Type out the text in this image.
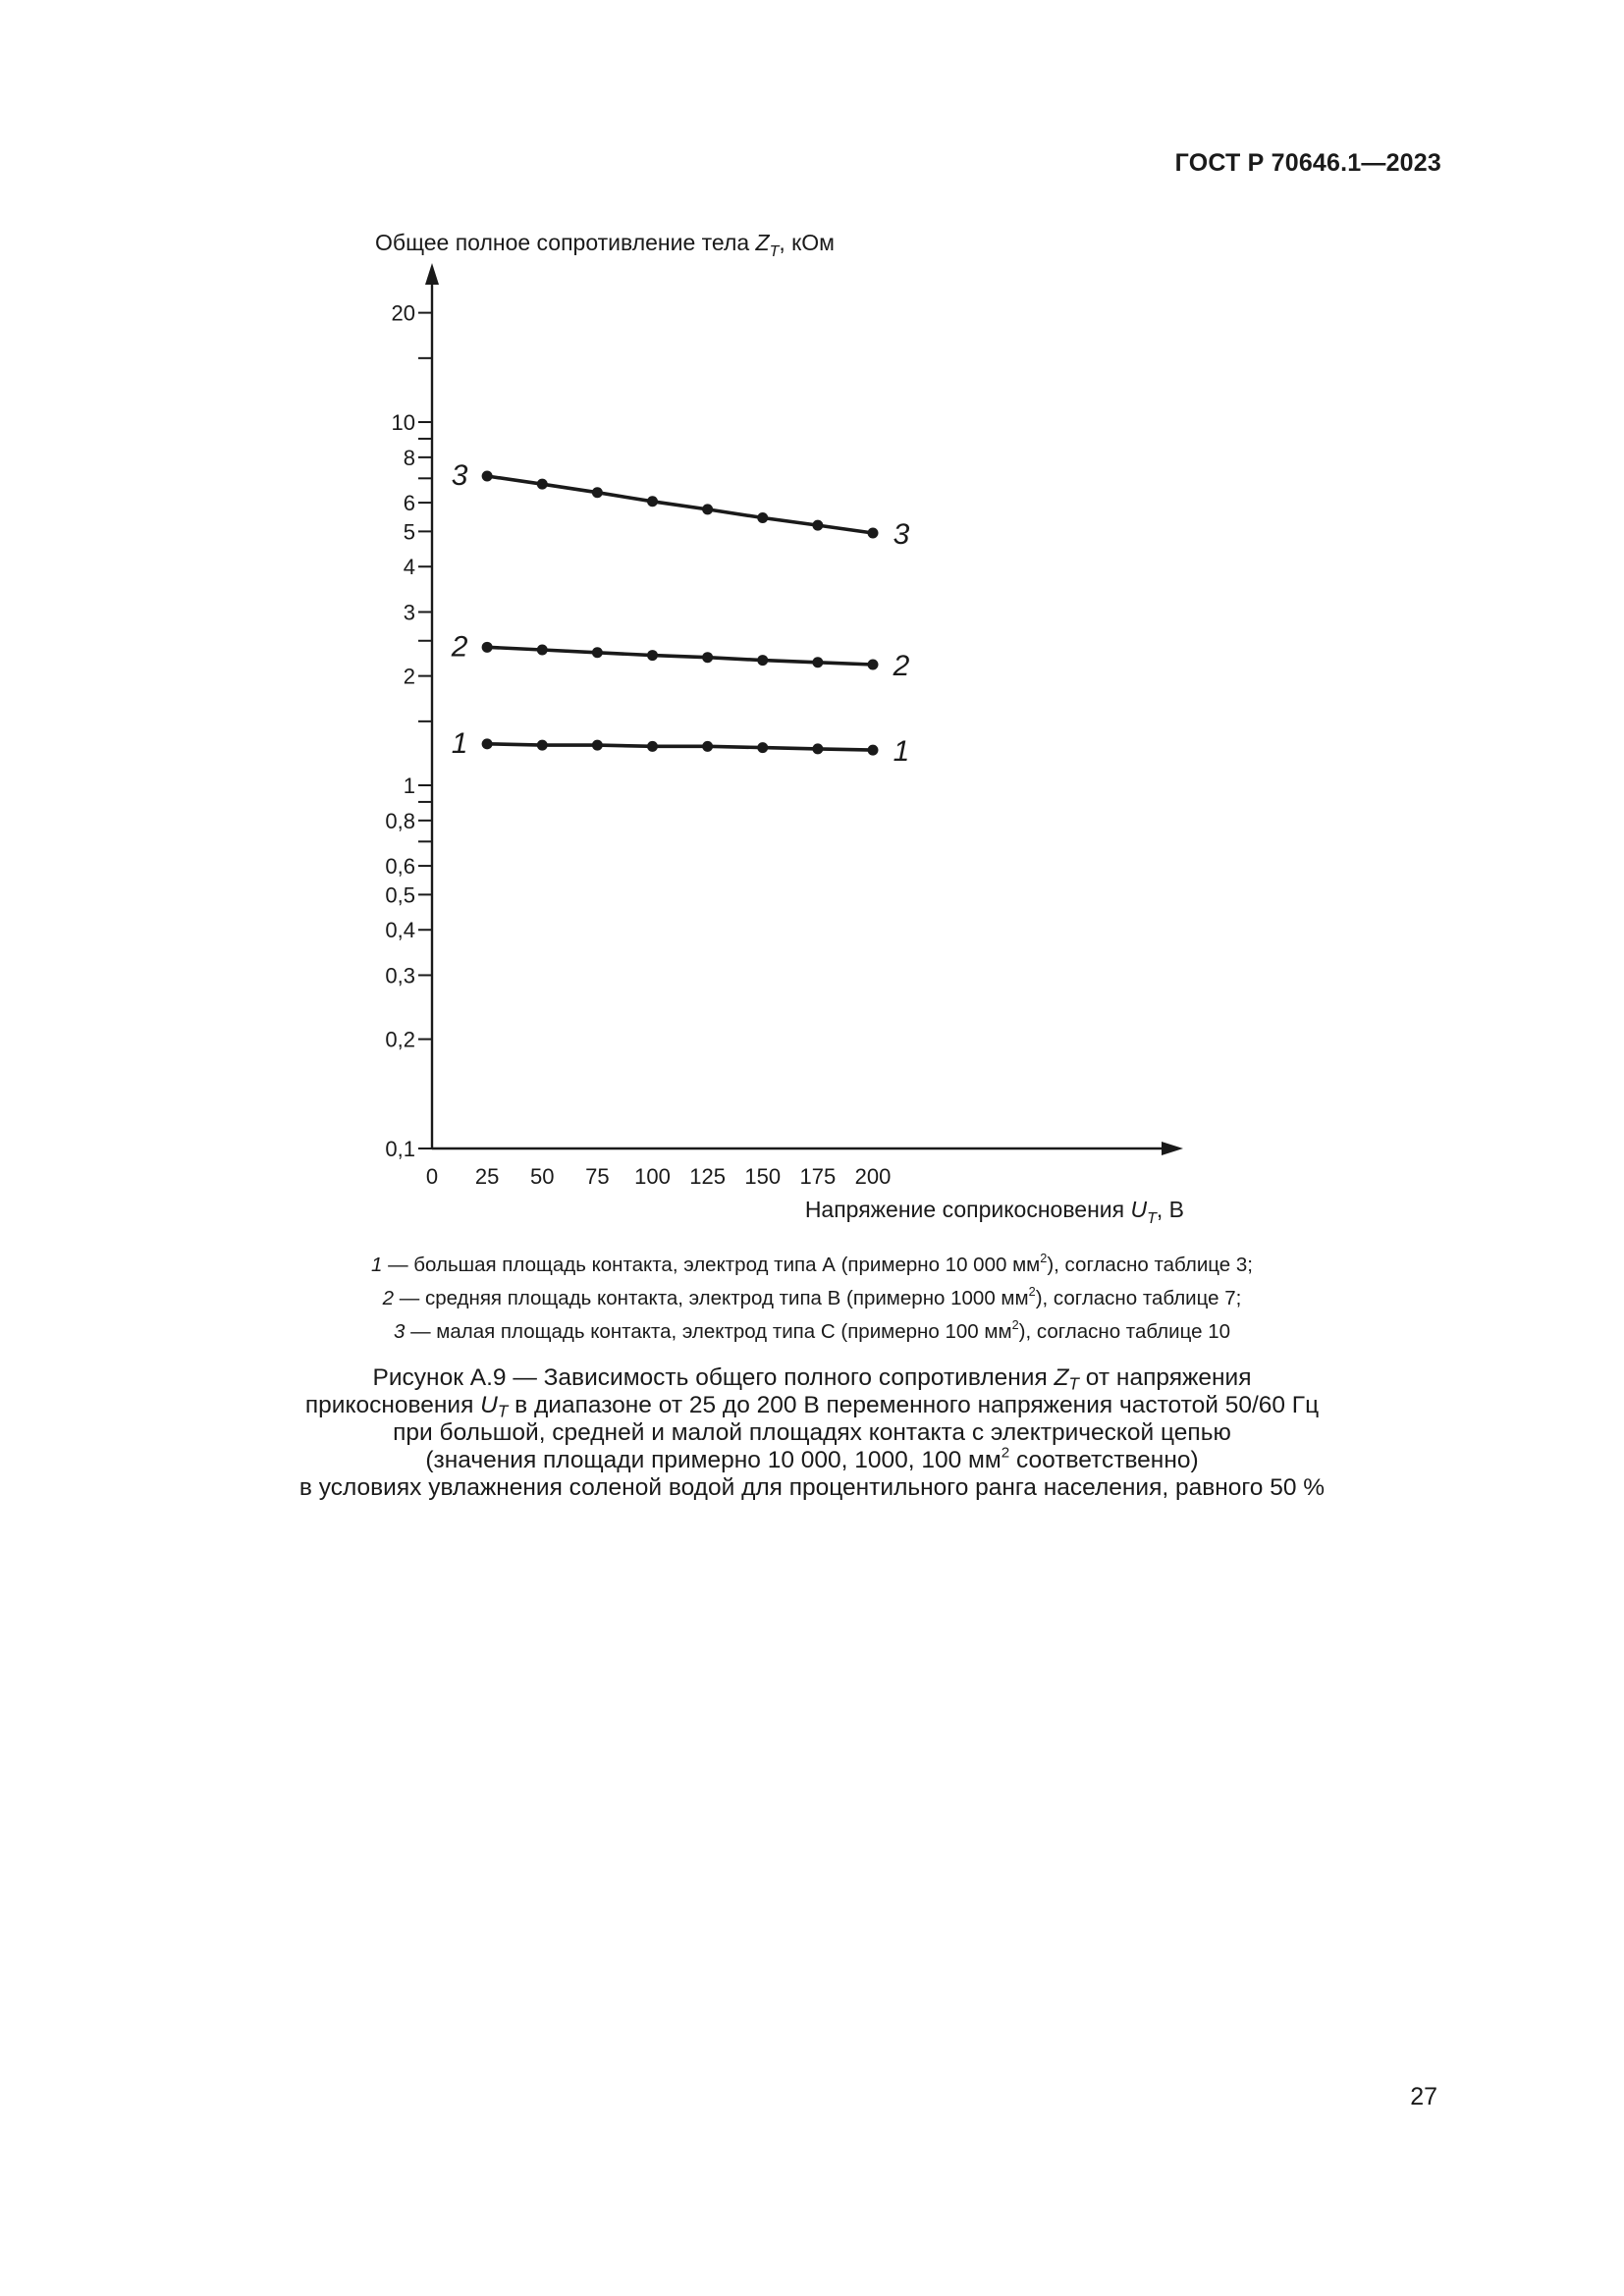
ГОСТ Р 70646.1—2023
0,1
0,2
0,3
0,4
0,5
0,6
0,8
1
2
3
4
5
6
8
10
20
0 25 50 75 100 125 150 175 200
Общее полное сопротивление тела $Z_T$, кОм
Напряжение соприкосновения $U_T$, В
1	1
2
2
3
3
1 — большая площадь контакта, электрод типа А (примерно 10 000 $мм^2$), согласно таблице 3;
2 — средняя площадь контакта, электрод типа В (примерно 1000 $мм^2$), согласно таблице 7;
3 — малая площадь контакта, электрод типа С (примерно 100 $мм^2$), согласно таблице 10
Рисунок А.9 — Зависимость общего полного сопротивления $Z_T$ от напряжения
прикосновения $U_T$ в диапазоне от 25 до 200 В переменного напряжения частотой 50/60 Гц
при большой, средней и малой площадях контакта с электрической цепью
(значения площади примерно 10 000, 1000, 100 $мм^2$ соответственно)
в условиях увлажнения соленой водой для процентильного ранга населения, равного 50 %
27
